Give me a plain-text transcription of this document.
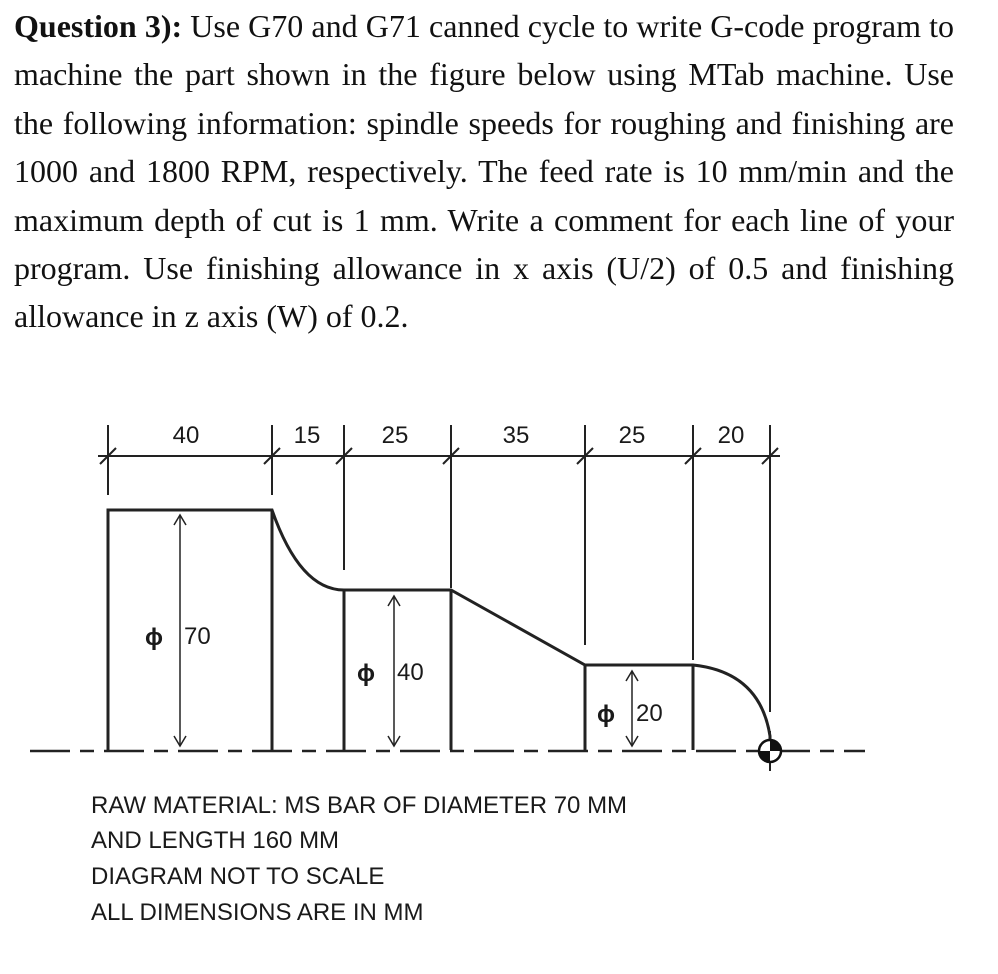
Question 3): Use G70 and G71 canned cycle to write G-code program to machine the part shown in the figure below using MTab machine. Use the following information: spindle speeds for roughing and finishing are 1000 and 1800 RPM, respectively. The feed rate is 10 mm/min and the maximum depth of cut is 1 mm. Write a comment for each line of your program. Use finishing allowance in x axis (U/2) of 0.5 and finishing allowance in z axis (W) of 0.2.
40	15	25	35	25	20
ϕ 70
ϕ 40
ϕ 20
RAW MATERIAL: MS BAR OF DIAMETER 70 MM
AND LENGTH 160 MM
DIAGRAM NOT TO SCALE
ALL DIMENSIONS ARE IN MM
